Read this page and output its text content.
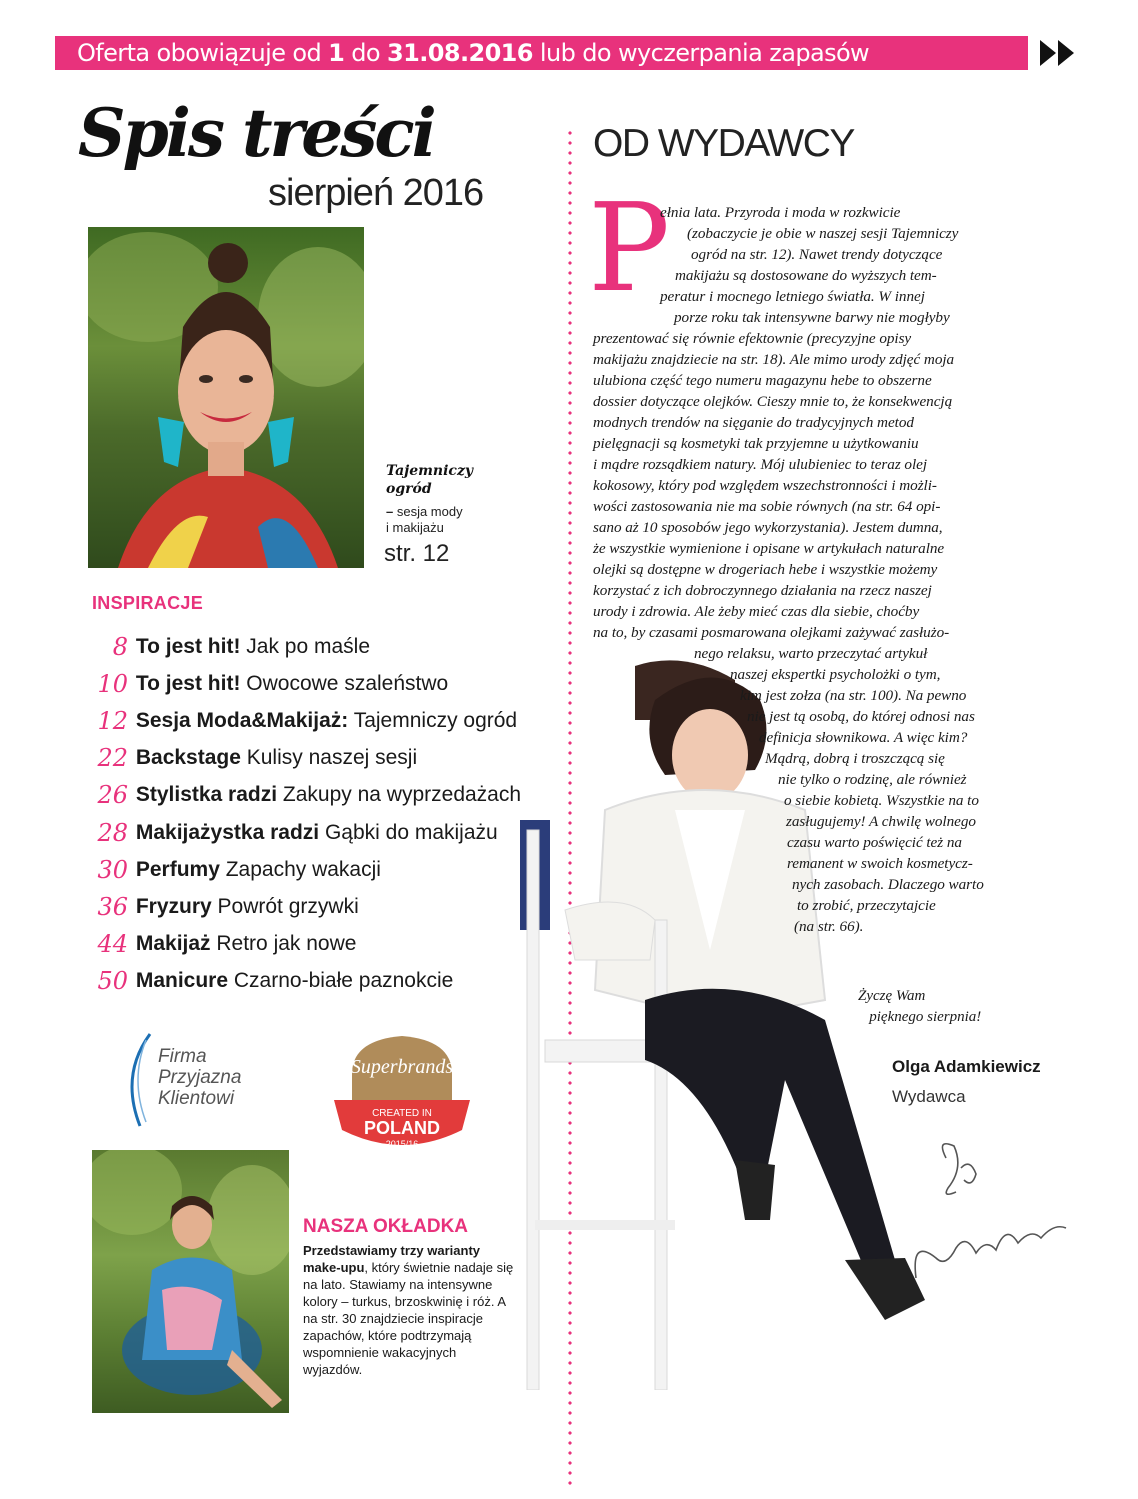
Oferta obowiązuje od 1 do 31.08.2016 lub do wyczerpania zapasów
Spis treści
sierpień 2016
Tajemniczy
ogród
– sesja mody
i makijażu
str. 12
INSPIRACJE
8 To jest hit! Jak po maśle
10 To jest hit! Owocowe szaleństwo
12 Sesja Moda&Makijaż: Tajemniczy ogród
22 Backstage Kulisy naszej sesji
26 Stylistka radzi Zakupy na wyprzedażach
28 Makijażystka radzi Gąbki do makijażu
30 Perfumy Zapachy wakacji
36 Fryzury Powrót grzywki
44 Makijaż Retro jak nowe
50 Manicure Czarno-białe paznokcie
Firma
Przyjazna
Klientowi
Superbrands
CREATED IN
POLAND
2015/16
NASZA OKŁADKA
Przedstawiamy trzy warianty make-upu, który świetnie nadaje się na lato. Stawiamy na intensywne kolory – turkus, brzoskwinię i róż. A na str. 30 znajdziecie inspiracje zapachów, które podtrzymają wspomnienie wakacyjnych wyjazdów.
OD WYDAWCY
P
ełnia lata. Przyroda i moda w rozkwicie
(zobaczycie je obie w naszej sesji Tajemniczy
ogród na str. 12). Nawet trendy dotyczące
makijażu są dostosowane do wyższych tem-
peratur i mocnego letniego światła. W innej
porze roku tak intensywne barwy nie mogłyby
prezentować się równie efektownie (precyzyjne opisy
makijażu znajdziecie na str. 18). Ale mimo urody zdjęć moja
ulubiona część tego numeru magazynu hebe to obszerne
dossier dotyczące olejków. Cieszy mnie to, że konsekwencją
modnych trendów na sięganie do tradycyjnych metod
pielęgnacji są kosmetyki tak przyjemne u użytkowaniu
i mądre rozsądkiem natury. Mój ulubieniec to teraz olej
kokosowy, który pod względem wszechstronności i możli-
wości zastosowania nie ma sobie równych (na str. 64 opi-
sano aż 10 sposobów jego wykorzystania). Jestem dumna,
że wszystkie wymienione i opisane w artykułach naturalne
olejki są dostępne w drogeriach hebe i wszystkie możemy
korzystać z ich dobroczynnego działania na rzecz naszej
urody i zdrowia. Ale żeby mieć czas dla siebie, choćby
na to, by czasami posmarowana olejkami zażywać zasłużo-
nego relaksu, warto przeczytać artykuł
naszej ekspertki psycholożki o tym,
kim jest zołza (na str. 100). Na pewno
nie jest tą osobą, do której odnosi nas
definicja słownikowa. A więc kim?
Mądrą, dobrą i troszczącą się
nie tylko o rodzinę, ale również
o siebie kobietą. Wszystkie na to
zasługujemy! A chwilę wolnego
czasu warto poświęcić też na
remanent w swoich kosmetycz-
nych zasobach. Dlaczego warto
to zrobić, przeczytajcie
(na str. 66).
Życzę Wam
pięknego sierpnia!
Olga Adamkiewicz
Wydawca
